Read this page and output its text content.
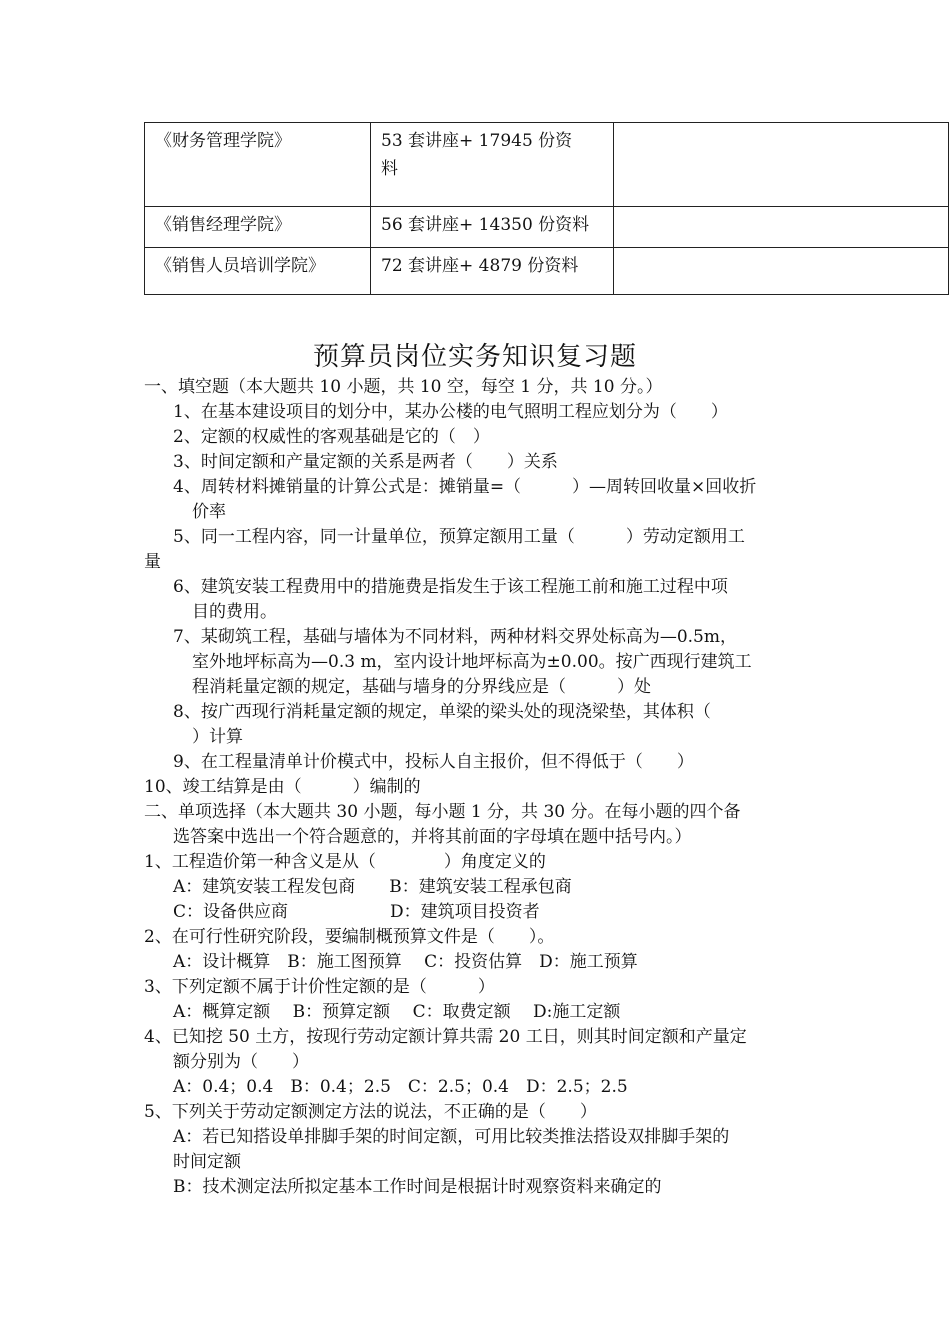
《财务管理学院》	53 套讲座+ 17945 份资
料	
《销售经理学院》	56 套讲座+ 14350 份资料	
《销售人员培训学院》	72 套讲座+ 4879 份资料	
预算员岗位实务知识复习题
一、填空题（本大题共 10 小题，共 10 空，每空 1 分，共 10 分。）
1、在基本建设项目的划分中，某办公楼的电气照明工程应划分为（　　）
2、定额的权威性的客观基础是它的（　）
3、时间定额和产量定额的关系是两者（　　）关系
4、周转材料摊销量的计算公式是：摊销量=（　　　）—周转回收量×回收折
价率
5、同一工程内容，同一计量单位，预算定额用工量（　　　）劳动定额用工
量
6、建筑安装工程费用中的措施费是指发生于该工程施工前和施工过程中项
目的费用。
7、某砌筑工程，基础与墙体为不同材料，两种材料交界处标高为—0.5m，
室外地坪标高为—0.3 m，室内设计地坪标高为±0.00。按广西现行建筑工
程消耗量定额的规定，基础与墙身的分界线应是（　　　）处
8、按广西现行消耗量定额的规定，单梁的梁头处的现浇梁垫，其体积（
）计算
9、在工程量清单计价模式中，投标人自主报价，但不得低于（　　）
10、竣工结算是由（　　　）编制的
二、单项选择（本大题共 30 小题，每小题 1 分，共 30 分。在每小题的四个备
选答案中选出一个符合题意的，并将其前面的字母填在题中括号内。）
1、工程造价第一种含义是从（　　　　）角度定义的
A：建筑安装工程发包商　　B：建筑安装工程承包商
C：设备供应商　　　　　　D：建筑项目投资者
2、在可行性研究阶段，要编制概预算文件是（　　）。
A：设计概算　B：施工图预算　 C：投资估算　D：施工预算
3、下列定额不属于计价性定额的是（　　　）
A：概算定额　 B：预算定额　 C：取费定额　 D:施工定额
4、已知挖 50 土方，按现行劳动定额计算共需 20 工日，则其时间定额和产量定
额分别为（　　）
A：0.4；0.4　B：0.4；2.5　C：2.5；0.4　D：2.5；2.5
5、下列关于劳动定额测定方法的说法，不正确的是（　　）
A：若已知搭设单排脚手架的时间定额，可用比较类推法搭设双排脚手架的
时间定额
B：技术测定法所拟定基本工作时间是根据计时观察资料来确定的
